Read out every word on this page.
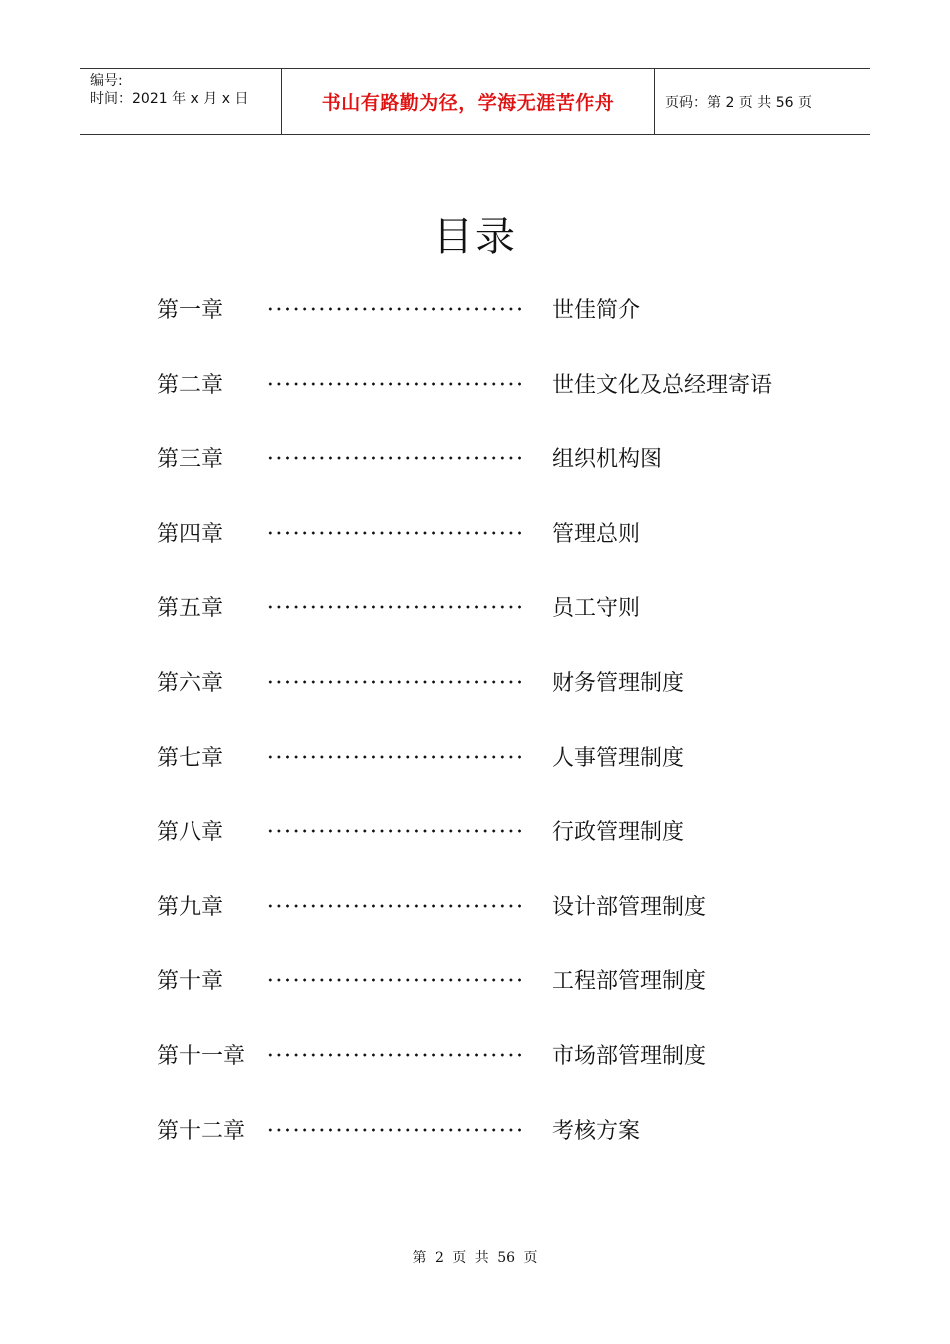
编号:
时间：2021 年 x 月 x 日	书山有路勤为径，学海无涯苦作舟	页码：第 2 页 共 56 页
目录
第一章	世佳简介
第二章	世佳文化及总经理寄语
第三章	组织机构图
第四章	管理总则
第五章	员工守则
第六章	财务管理制度
第七章	人事管理制度
第八章	行政管理制度
第九章	设计部管理制度
第十章	工程部管理制度
第十一章	市场部管理制度
第十二章	考核方案
第 2 页 共 56 页
